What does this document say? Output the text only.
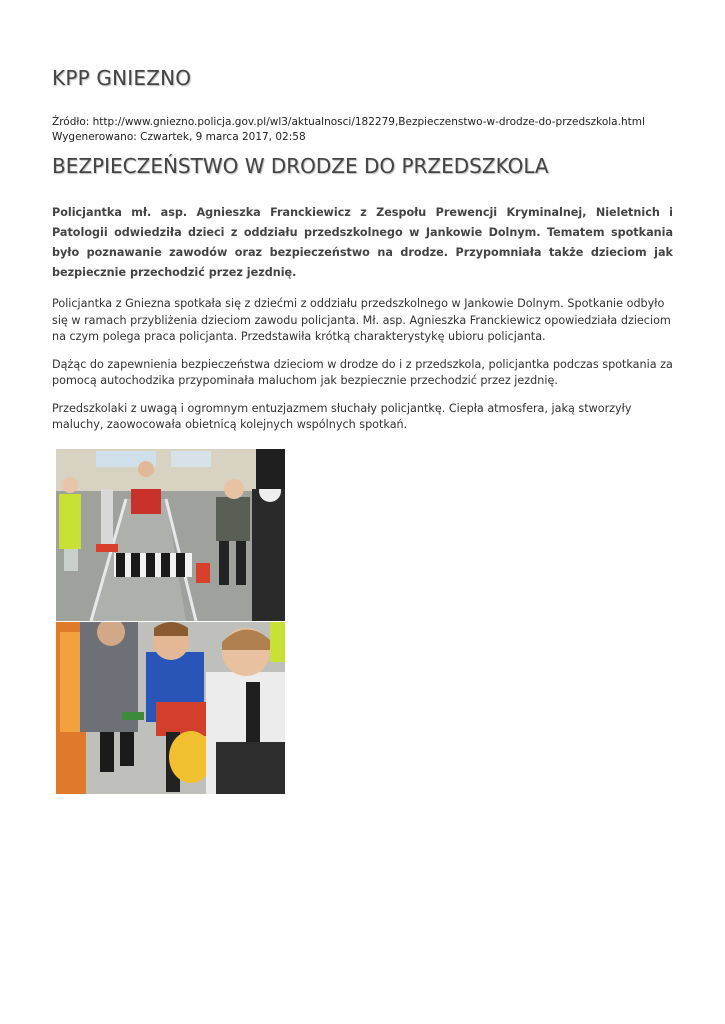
KPP GNIEZNO
Źródło: http://www.gniezno.policja.gov.pl/wl3/aktualnosci/182279,Bezpieczenstwo-w-drodze-do-przedszkola.html
Wygenerowano: Czwartek, 9 marca 2017, 02:58
BEZPIECZEŃSTWO W DRODZE DO PRZEDSZKOLA

Policjantka mł. asp. Agnieszka Franckiewicz z Zespołu Prewencji Kryminalnej, Nieletnich i Patologii odwiedziła dzieci z oddziału przedszkolnego w Jankowie Dolnym. Tematem spotkania było poznawanie zawodów oraz bezpieczeństwo na drodze. Przypomniała także dzieciom jak bezpiecznie przechodzić przez jezdnię.

Policjantka z Gniezna spotkała się z dziećmi z oddziału przedszkolnego w Jankowie Dolnym. Spotkanie odbyło się w ramach przybliżenia dzieciom zawodu policjanta. Mł. asp. Agnieszka Franckiewicz opowiedziała dzieciom na czym polega praca policjanta. Przedstawiła krótką charakterystykę ubioru policjanta.

Dążąc do zapewnienia bezpieczeństwa dzieciom w drodze do i z przedszkola, policjantka podczas spotkania za pomocą autochodzika przypominała maluchom jak bezpiecznie przechodzić przez jezdnię.

Przedszkolaki z uwagą i ogromnym entuzjazmem słuchały policjantkę. Ciepła atmosfera, jaką stworzyły maluchy, zaowocowała obietnicą kolejnych wspólnych spotkań.
